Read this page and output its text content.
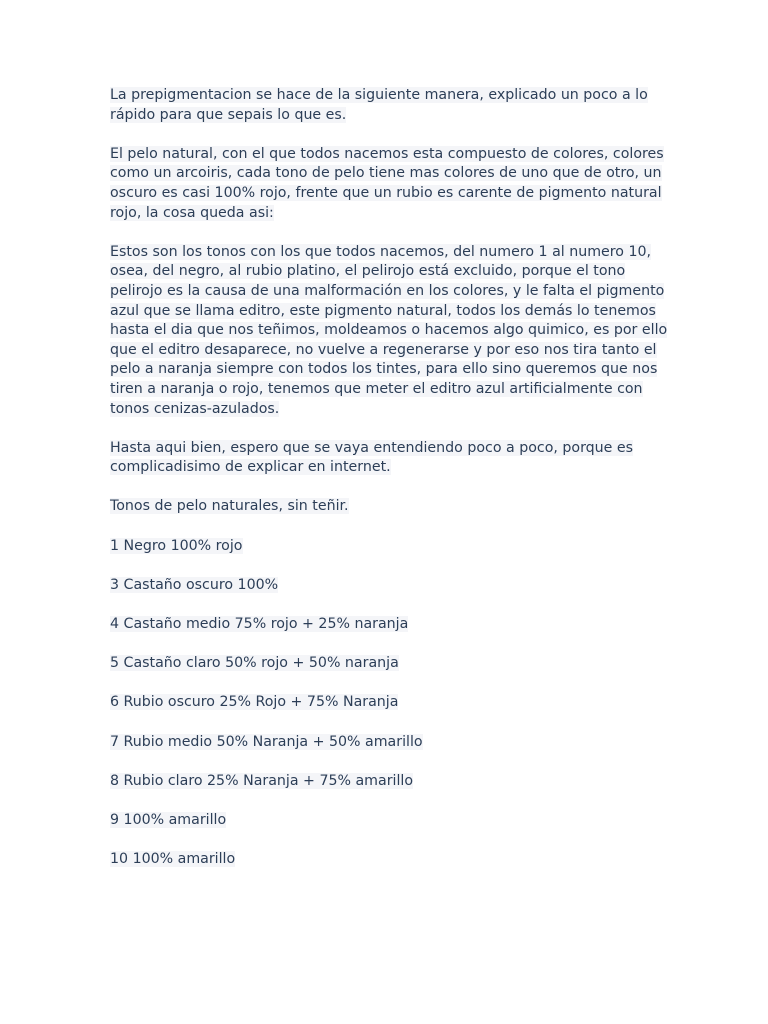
La prepigmentacion se hace de la siguiente manera, explicado un poco a lo rápido para que sepais lo que es.

El pelo natural, con el que todos nacemos esta compuesto de colores, colores como un arcoiris, cada tono de pelo tiene mas colores de uno que de otro, un oscuro es casi 100% rojo, frente que un rubio es carente de pigmento natural rojo, la cosa queda asi:

Estos son los tonos con los que todos nacemos, del numero 1 al numero 10, osea, del negro, al rubio platino, el pelirojo está excluido, porque el tono pelirojo es la causa de una malformación en los colores, y le falta el pigmento azul que se llama editro, este pigmento natural, todos los demás lo tenemos hasta el dia que nos teñimos, moldeamos o hacemos algo quimico, es por ello que el editro desaparece, no vuelve a regenerarse y por eso nos tira tanto el pelo a naranja siempre con todos los tintes, para ello sino queremos que nos tiren a naranja o rojo, tenemos que meter el editro azul artificialmente con tonos cenizas-azulados.

Hasta aqui bien, espero que se vaya entendiendo poco a poco, porque es complicadisimo de explicar en internet.

Tonos de pelo naturales, sin teñir.

1 Negro 100% rojo

3 Castaño oscuro 100%

4 Castaño medio 75% rojo + 25% naranja

5 Castaño claro 50% rojo + 50% naranja

6 Rubio oscuro 25% Rojo + 75% Naranja

7 Rubio medio 50% Naranja + 50% amarillo

8 Rubio claro 25% Naranja + 75% amarillo

9 100% amarillo

10 100% amarillo
